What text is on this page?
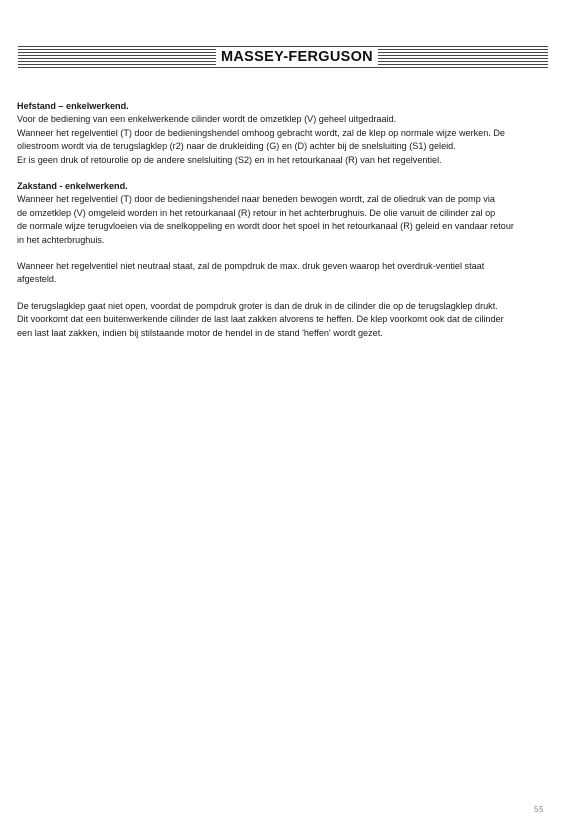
MASSEY-FERGUSON

Hefstand – enkelwerkend.

Voor de bediening van een enkelwerkende cilinder wordt de omzetklep (V) geheel uitgedraaid.

Wanneer het regelventiel (T) door de bedieningshendel omhoog gebracht wordt, zal de klep op normale wijze werken. De

oliestroom wordt via de terugslagklep (r2) naar de drukleiding (G) en (D) achter bij de snelsluiting (S1) geleid.

Er is geen druk of retourolie op de andere snelsluiting (S2) en in het retourkanaal (R) van het regelventiel.

Zakstand - enkelwerkend.

Wanneer het regelventiel (T) door de bedieningshendel naar beneden bewogen wordt, zal de oliedruk van de pomp via

de omzetklep (V) omgeleid worden in het retourkanaal (R) retour in het achterbrughuis. De olie vanuit de cilinder zal op

de normale wijze terugvloeien via de snelkoppeling en wordt door het spoel in het retourkanaal (R) geleid en vandaar retour

in het achterbrughuis.

Wanneer het regelventiel niet neutraal staat, zal de pompdruk de max. druk geven waarop het overdruk-ventiel staat

afgesteld.

De terugslagklep gaat niet open, voordat de pompdruk groter is dan de druk in de cilinder die op de terugslagklep drukt.

Dit voorkomt dat een buitenwerkende cilinder de last laat zakken alvorens te heffen. De klep voorkomt ook dat de cilinder

een last laat zakken, indien bij stilstaande motor de hendel in de stand 'heffen' wordt gezet.

55
